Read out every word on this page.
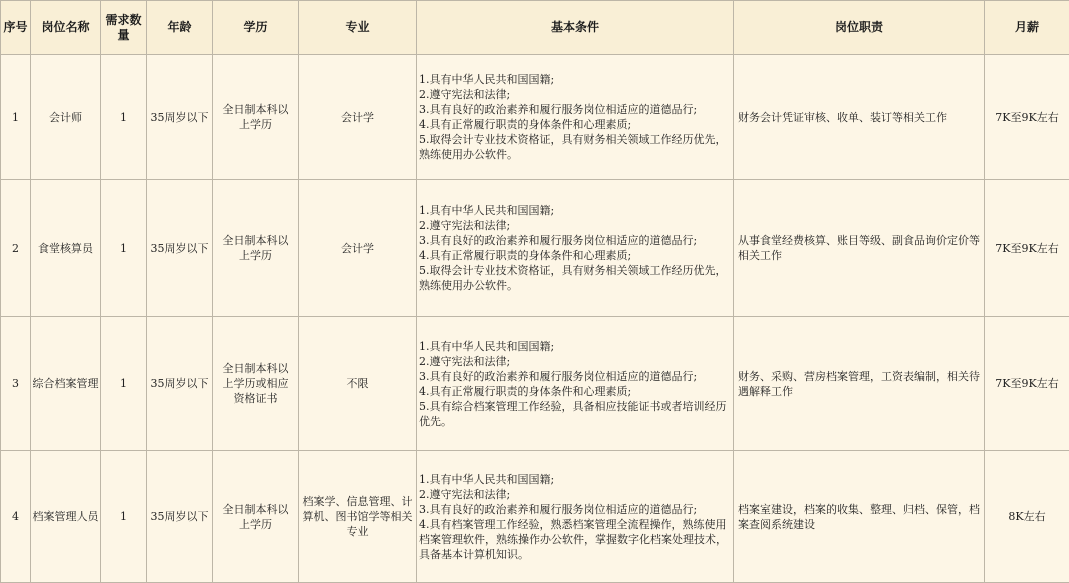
序号	岗位名称	需求数量	年龄	学历	专业	基本条件	岗位职责	月薪
1	会计师	1	35周岁以下	全日制本科以上学历	会计学	1.具有中华人民共和国国籍;
2.遵守宪法和法律;
3.具有良好的政治素养和履行服务岗位相适应的道德品行;
4.具有正常履行职责的身体条件和心理素质;
5.取得会计专业技术资格证，具有财务相关领域工作经历优先，熟练使用办公软件。	财务会计凭证审核、收单、装订等相关工作	7K至9K左右
2	食堂核算员	1	35周岁以下	全日制本科以上学历	会计学	1.具有中华人民共和国国籍;
2.遵守宪法和法律;
3.具有良好的政治素养和履行服务岗位相适应的道德品行;
4.具有正常履行职责的身体条件和心理素质;
5.取得会计专业技术资格证，具有财务相关领域工作经历优先，熟练使用办公软件。	从事食堂经费核算、账目等级、副食品询价定价等相关工作	7K至9K左右
3	综合档案管理	1	35周岁以下	全日制本科以上学历或相应资格证书	不限	1.具有中华人民共和国国籍;
2.遵守宪法和法律;
3.具有良好的政治素养和履行服务岗位相适应的道德品行;
4.具有正常履行职责的身体条件和心理素质;
5.具有综合档案管理工作经验，具备相应技能证书或者培训经历优先。	财务、采购、营房档案管理，工资表编制，相关待遇解释工作	7K至9K左右
4	档案管理人员	1	35周岁以下	全日制本科以上学历	档案学、信息管理、计算机、图书馆学等相关专业	1.具有中华人民共和国国籍;
2.遵守宪法和法律;
3.具有良好的政治素养和履行服务岗位相适应的道德品行;
4.具有档案管理工作经验，熟悉档案管理全流程操作，熟练使用档案管理软件，熟练操作办公软件，掌握数字化档案处理技术，具备基本计算机知识。	档案室建设，档案的收集、整理、归档、保管，档案查阅系统建设	8K左右
